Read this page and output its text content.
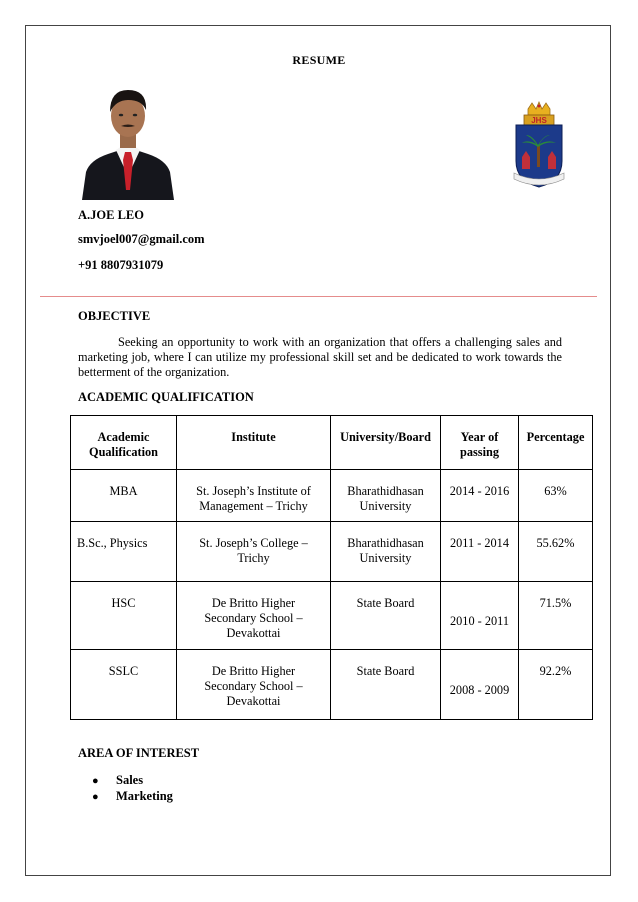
RESUME
JHS
A.JOE LEO
smvjoel007@gmail.com
+91 8807931079
OBJECTIVE
Seeking an opportunity to work with an organization that offers a challenging sales and marketing job, where I can utilize my professional skill set and be dedicated to work towards the betterment of the organization.
ACADEMIC QUALIFICATION
Academic Qualification	Institute	University/Board	Year of passing	Percentage
MBA	St. Joseph’s Institute of Management – Trichy	Bharathidhasan University	2014 - 2016	63%
B.Sc., Physics	St. Joseph’s College – Trichy	Bharathidhasan University	2011 - 2014	55.62%
HSC	De Britto Higher Secondary School – Devakottai	State Board	2010 - 2011	71.5%
SSLC	De Britto Higher Secondary School – Devakottai	State Board	2008 - 2009	92.2%
AREA OF INTEREST
● Sales
● Marketing
